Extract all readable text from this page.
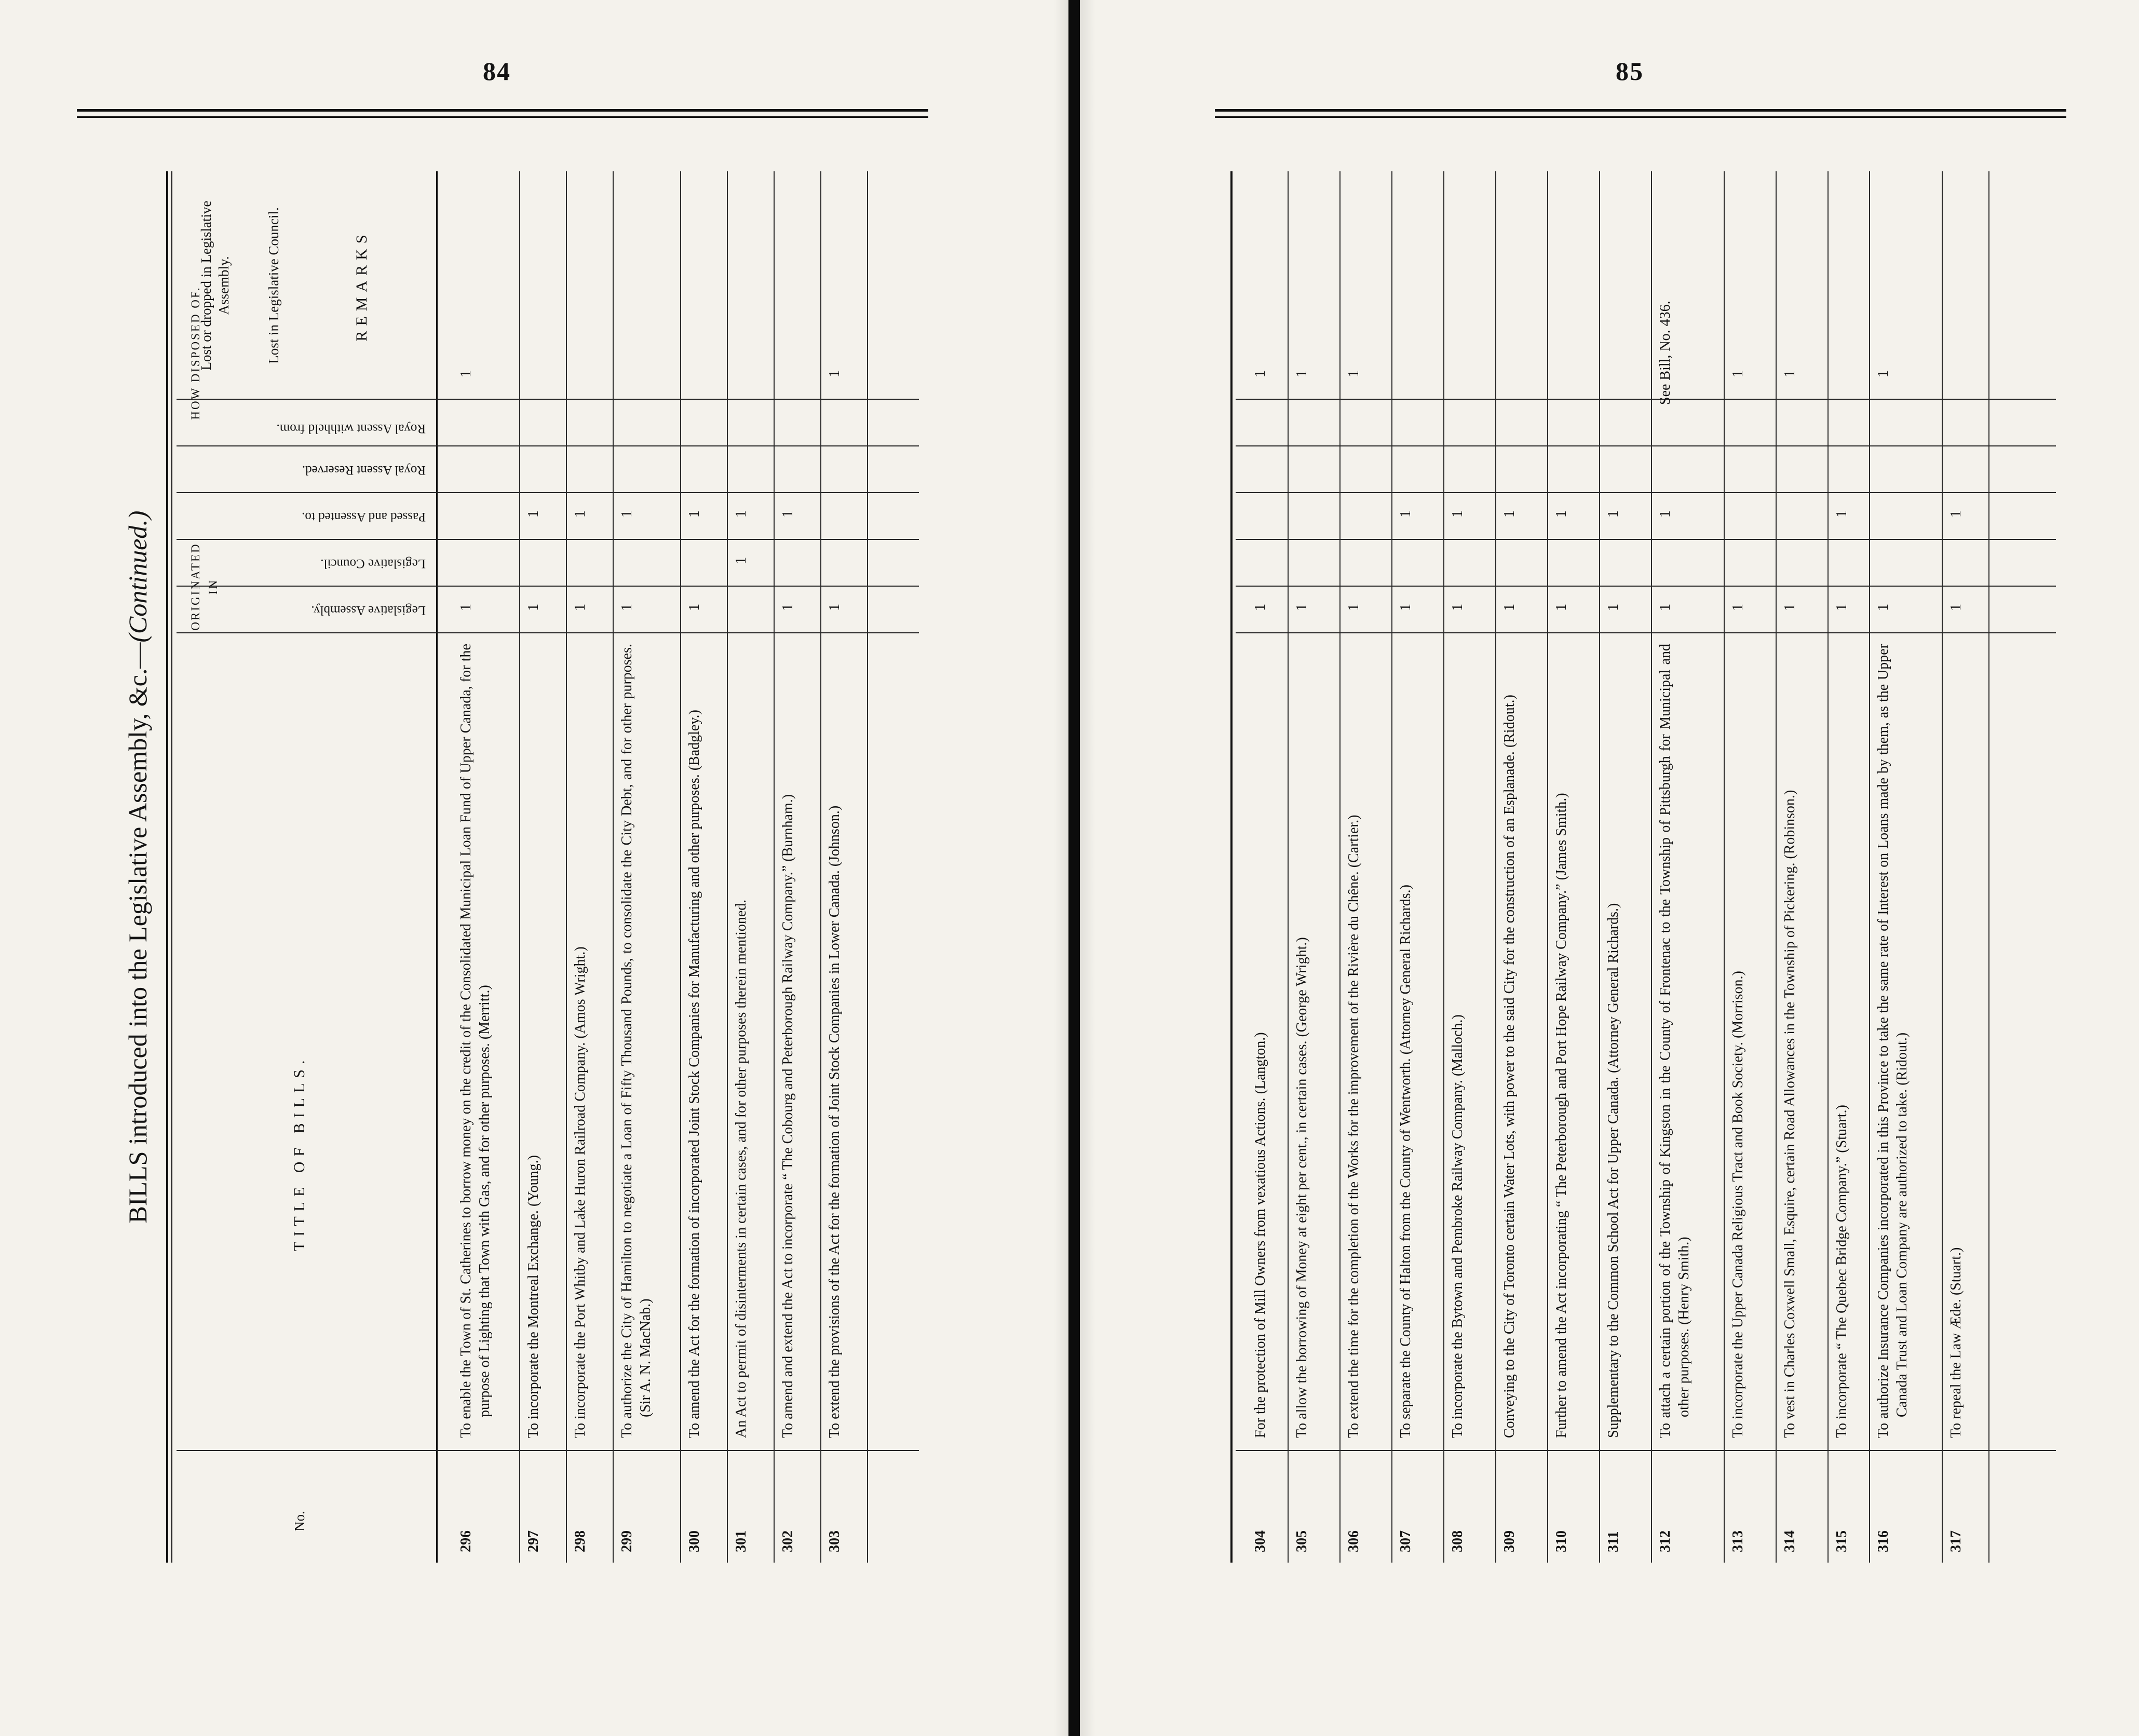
84	85
BILLS introduced into the Legislative Assembly, &c.—(Continued.)
No.
TITLE OF BILLS.
ORIGINATED IN
HOW DISPOSED OF.
Legislative Assembly.
Legislative Council.
Passed and Assented to.
Royal Assent Reserved.
Royal Assent withheld from.
Lost or dropped in Legislative Assembly. Lost in Legislative Council.	REMARKS
296
To enable the Town of St. Catherines to borrow money on the credit of the Consolidated Municipal Loan Fund of Upper Canada, for the purpose of Lighting that Town with Gas, and for other purposes. (Merritt.)
1
1
297
To incorporate the Montreal Exchange. (Young.)
1
1
298
To incorporate the Port Whitby and Lake Huron Railroad Company. (Amos Wright.)
1
1
299
To authorize the City of Hamilton to negotiate a Loan of Fifty Thousand Pounds, to consolidate the City Debt, and for other purposes. (Sir A. N. MacNab.)
1
1
300
To amend the Act for the formation of incorporated Joint Stock Companies for Manufacturing and other purposes. (Badgley.)
1
1
301
An Act to permit of disinterments in certain cases, and for other purposes therein mentioned.
1
1
302
To amend and extend the Act to incorporate “ The Cobourg and Peterborough Railway Company.” (Burnham.)
1
1
303
To extend the provisions of the Act for the formation of Joint Stock Companies in Lower Canada. (Johnson.)
1
1
304
For the protection of Mill Owners from vexatious Actions. (Langton.)
1
1
305
To allow the borrowing of Money at eight per cent., in certain cases. (George Wright.)
1
1
306
To extend the time for the completion of the Works for the improvement of the Rivière du Chêne. (Cartier.)
1
1
307
To separate the County of Halton from the County of Wentworth. (Attorney General Richards.)
1
1
308
To incorporate the Bytown and Pembroke Railway Company. (Malloch.)
1
1
309
Conveying to the City of Toronto certain Water Lots, with power to the said City for the construction of an Esplanade. (Ridout.)
1
1
310
Further to amend the Act incorporating “ The Peterborough and Port Hope Railway Company.” (James Smith.)
1
1
311
Supplementary to the Common School Act for Upper Canada. (Attorney General Richards.)
1
1
312
To attach a certain portion of the Township of Kingston in the County of Frontenac to the Township of Pittsburgh for Municipal and other purposes. (Henry Smith.)
1
1
See Bill, No. 436.
313
To incorporate the Upper Canada Religious Tract and Book Society. (Morrison.)
1
1
314
To vest in Charles Coxwell Small, Esquire, certain Road Allowances in the Township of Pickering. (Robinson.)
1
1
315
To incorporate “ The Quebec Bridge Company.” (Stuart.)
1
1
316
To authorize Insurance Companies incorporated in this Province to take the same rate of Interest on Loans made by them, as the Upper Canada Trust and Loan Company are authorized to take. (Ridout.)
1
1
317
To repeal the Law Æde. (Stuart.)
1
1
